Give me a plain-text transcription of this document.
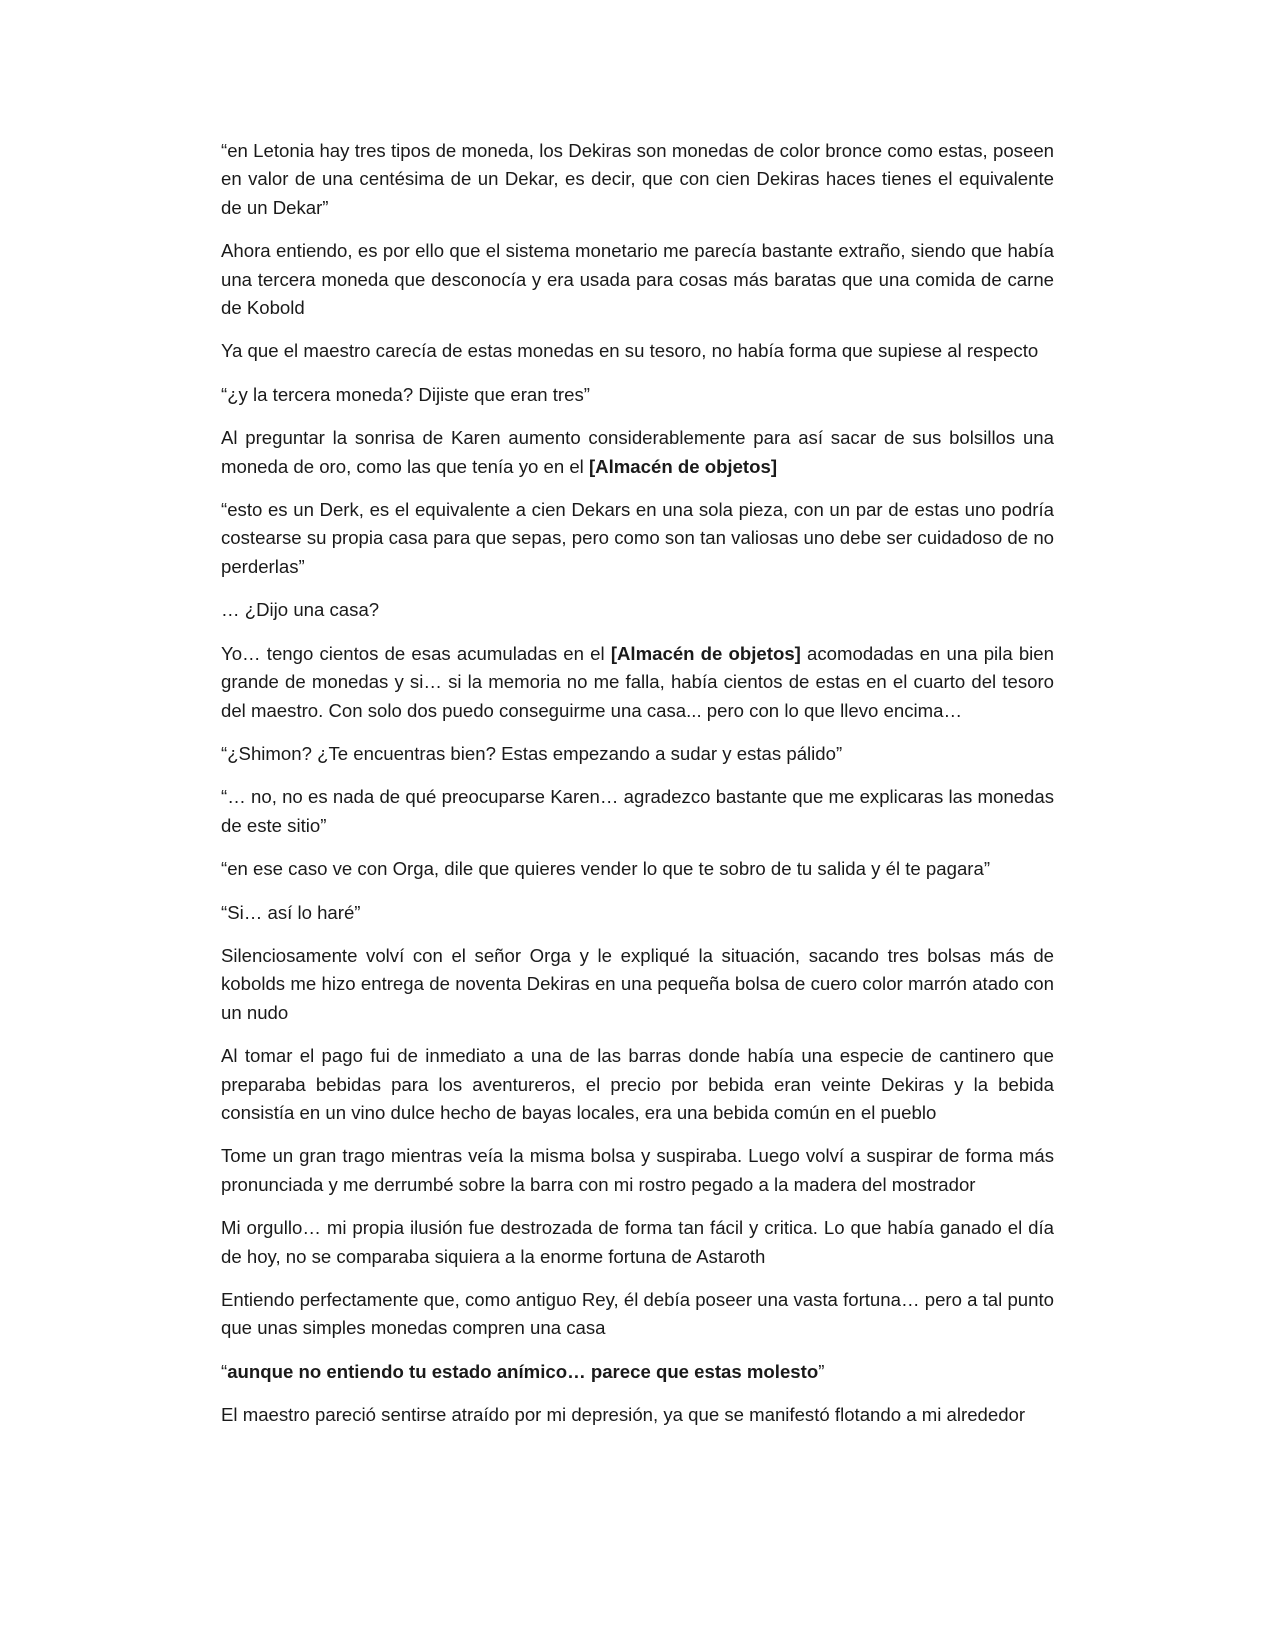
“en Letonia hay tres tipos de moneda, los Dekiras son monedas de color bronce como estas, poseen en valor de una centésima de un Dekar, es decir, que con cien Dekiras haces tienes el equivalente de un Dekar”

Ahora entiendo, es por ello que el sistema monetario me parecía bastante extraño, siendo que había una tercera moneda que desconocía y era usada para cosas más baratas que una comida de carne de Kobold

Ya que el maestro carecía de estas monedas en su tesoro, no había forma que supiese al respecto

“¿y la tercera moneda? Dijiste que eran tres”

Al preguntar la sonrisa de Karen aumento considerablemente para así sacar de sus bolsillos una moneda de oro, como las que tenía yo en el [Almacén de objetos]

“esto es un Derk, es el equivalente a cien Dekars en una sola pieza, con un par de estas uno podría costearse su propia casa para que sepas, pero como son tan valiosas uno debe ser cuidadoso de no perderlas”

… ¿Dijo una casa?

Yo… tengo cientos de esas acumuladas en el [Almacén de objetos] acomodadas en una pila bien grande de monedas y si… si la memoria no me falla, había cientos de estas en el cuarto del tesoro del maestro. Con solo dos puedo conseguirme una casa... pero con lo que llevo encima…

“¿Shimon? ¿Te encuentras bien? Estas empezando a sudar y estas pálido”

“… no, no es nada de qué preocuparse Karen… agradezco bastante que me explicaras las monedas de este sitio”

“en ese caso ve con Orga, dile que quieres vender lo que te sobro de tu salida y él te pagara”

“Si… así lo haré”

Silenciosamente volví con el señor Orga y le expliqué la situación, sacando tres bolsas más de kobolds me hizo entrega de noventa Dekiras en una pequeña bolsa de cuero color marrón atado con un nudo

Al tomar el pago fui de inmediato a una de las barras donde había una especie de cantinero que preparaba bebidas para los aventureros, el precio por bebida eran veinte Dekiras y la bebida consistía en un vino dulce hecho de bayas locales, era una bebida común en el pueblo

Tome un gran trago mientras veía la misma bolsa y suspiraba. Luego volví a suspirar de forma más pronunciada y me derrumbé sobre la barra con mi rostro pegado a la madera del mostrador

Mi orgullo… mi propia ilusión fue destrozada de forma tan fácil y critica. Lo que había ganado el día de hoy, no se comparaba siquiera a la enorme fortuna de Astaroth

Entiendo perfectamente que, como antiguo Rey, él debía poseer una vasta fortuna… pero a tal punto que unas simples monedas compren una casa

“aunque no entiendo tu estado anímico… parece que estas molesto”

El maestro pareció sentirse atraído por mi depresión, ya que se manifestó flotando a mi alrededor
